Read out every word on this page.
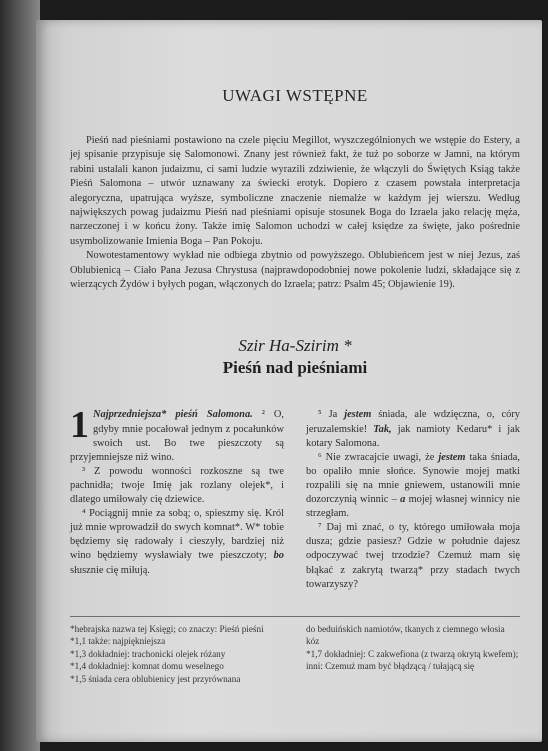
UWAGI WSTĘPNE

Pieśń nad pieśniami postawiono na czele pięciu Megillot, wyszczególnionych we wstępie do Estery, a jej spisanie przypisuje się Salomonowi. Znany jest również fakt, że tuż po soborze w Jamni, na którym rabini ustalali kanon judaizmu, ci sami ludzie wyrazili zdziwienie, że włączyli do Świętych Ksiąg także Pieśń Salomona – utwór uznawany za świecki erotyk. Dopiero z czasem powstała interpretacja alegoryczna, upatrująca wyższe, symboliczne znaczenie niemalże w każdym jej wierszu. Według największych powag judaizmu Pieśń nad pieśniami opisuje stosunek Boga do Izraela jako relację męża, narzeczonej i w końcu żony. Także imię Salomon uchodzi w całej księdze za święte, jako pośrednie usymbolizowanie Imienia Boga – Pan Pokoju.

Nowotestamentowy wykład nie odbiega zbytnio od powyższego. Oblubieńcem jest w niej Jezus, zaś Oblubienicą – Ciało Pana Jezusa Chrystusa (najprawdopodobniej nowe pokolenie ludzi, składające się z wierzących Żydów i byłych pogan, włączonych do Izraela; patrz: Psalm 45; Objawienie 19).

Szir Ha-Szirim *
Pieśń nad pieśniami

1 Najprzedniejsza* pieśń Salomona. ² O, gdyby mnie pocałował jednym z pocałunków swoich ust. Bo twe pieszczoty są przyjemniejsze niż wino.

³ Z powodu wonności rozkoszne są twe pachnidła; twoje Imię jak rozlany olejek*, i dlatego umiłowały cię dziewice.

⁴ Pociągnij mnie za sobą; o, spieszmy się. Król już mnie wprowadził do swych komnat*. W* tobie będziemy się radowały i cieszyły, bardziej niż wino będziemy wysławiały twe pieszczoty; bo słusznie cię miłują.

⁵ Ja jestem śniada, ale wdzięczna, o, córy jeruzalemskie! Tak, jak namioty Kedaru* i jak kotary Salomona.

⁶ Nie zwracajcie uwagi, że jestem taka śniada, bo opaliło mnie słońce. Synowie mojej matki rozpalili się na mnie gniewem, ustanowili mnie dozorczynią winnic – a mojej własnej winnicy nie strzegłam.

⁷ Daj mi znać, o ty, którego umiłowała moja dusza; gdzie pasiesz? Gdzie w południe dajesz odpoczywać twej trzodzie? Czemuż mam się błąkać z zakrytą twarzą* przy stadach twych towarzyszy?

*hebrajska nazwa tej Księgi; co znaczy: Pieśń pieśni
*1,1 także: najpiękniejsza
*1,3 dokładniej: trachonicki olejek różany
*1,4 dokładniej: komnat domu weselnego
*1,5 śniada cera oblubienicy jest przyrównana
do beduińskich namiotów, tkanych z ciemnego włosia kóz
*1,7 dokładniej: C zakwefiona (z twarzą okrytą kwefem); inni: Czemuż mam być błądzącą / tułającą się
